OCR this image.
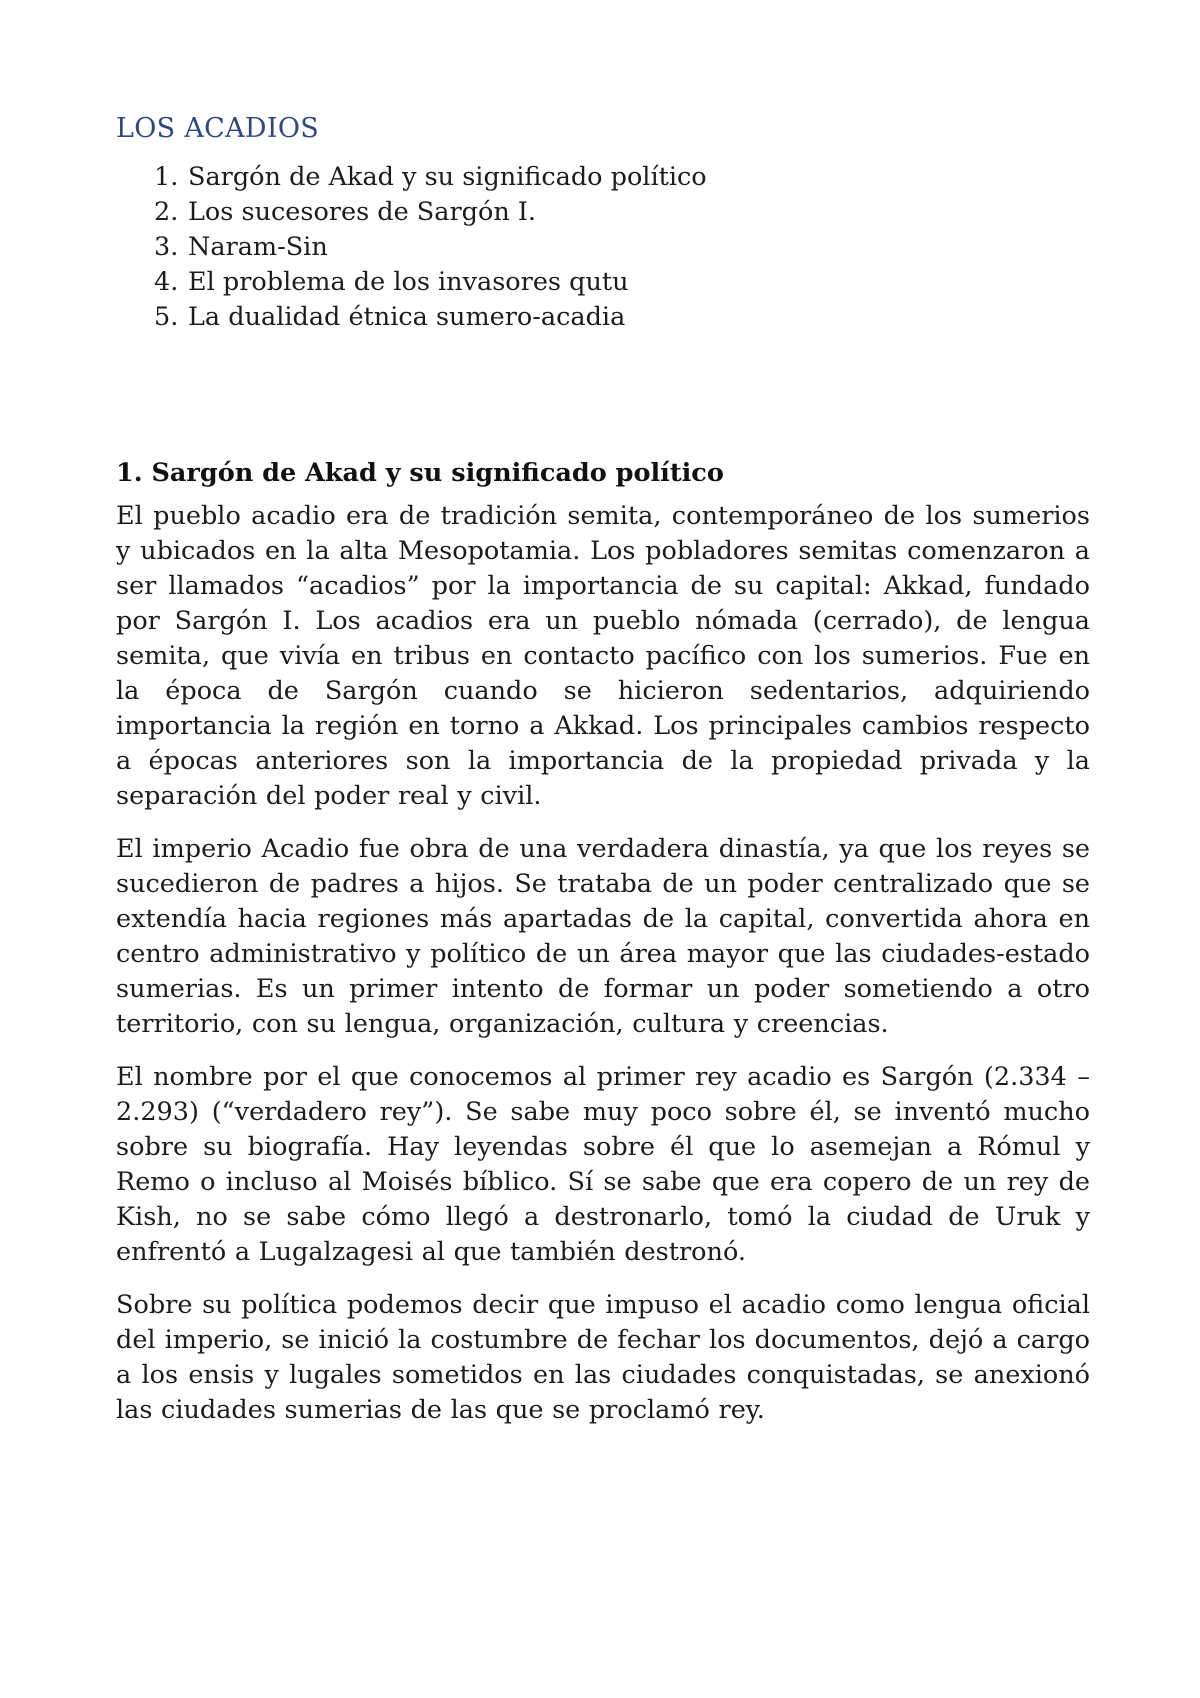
LOS ACADIOS
1. Sargón de Akad y su significado político
2. Los sucesores de Sargón I.
3. Naram-Sin
4. El problema de los invasores qutu
5. La dualidad étnica sumero-acadia
1. Sargón de Akad y su significado político

El pueblo acadio era de tradición semita, contemporáneo de los sumerios y ubicados en la alta Mesopotamia. Los pobladores semitas comenzaron a ser llamados “acadios” por la importancia de su capital: Akkad, fundado por Sargón I. Los acadios era un pueblo nómada (cerrado), de lengua semita, que vivía en tribus en contacto pacífico con los sumerios. Fue en la época de Sargón cuando se hicieron sedentarios, adquiriendo importancia la región en torno a Akkad. Los principales cambios respecto a épocas anteriores son la importancia de la propiedad privada y la separación del poder real y civil.

El imperio Acadio fue obra de una verdadera dinastía, ya que los reyes se sucedieron de padres a hijos. Se trataba de un poder centralizado que se extendía hacia regiones más apartadas de la capital, convertida ahora en centro administrativo y político de un área mayor que las ciudades-estado sumerias. Es un primer intento de formar un poder sometiendo a otro territorio, con su lengua, organización, cultura y creencias.

El nombre por el que conocemos al primer rey acadio es Sargón (2.334 – 2.293) (“verdadero rey”). Se sabe muy poco sobre él, se inventó mucho sobre su biografía. Hay leyendas sobre él que lo asemejan a Rómul y Remo o incluso al Moisés bíblico. Sí se sabe que era copero de un rey de Kish, no se sabe cómo llegó a destronarlo, tomó la ciudad de Uruk y enfrentó a Lugalzagesi al que también destronó.

Sobre su política podemos decir que impuso el acadio como lengua oficial del imperio, se inició la costumbre de fechar los documentos, dejó a cargo a los ensis y lugales sometidos en las ciudades conquistadas, se anexionó las ciudades sumerias de las que se proclamó rey.
